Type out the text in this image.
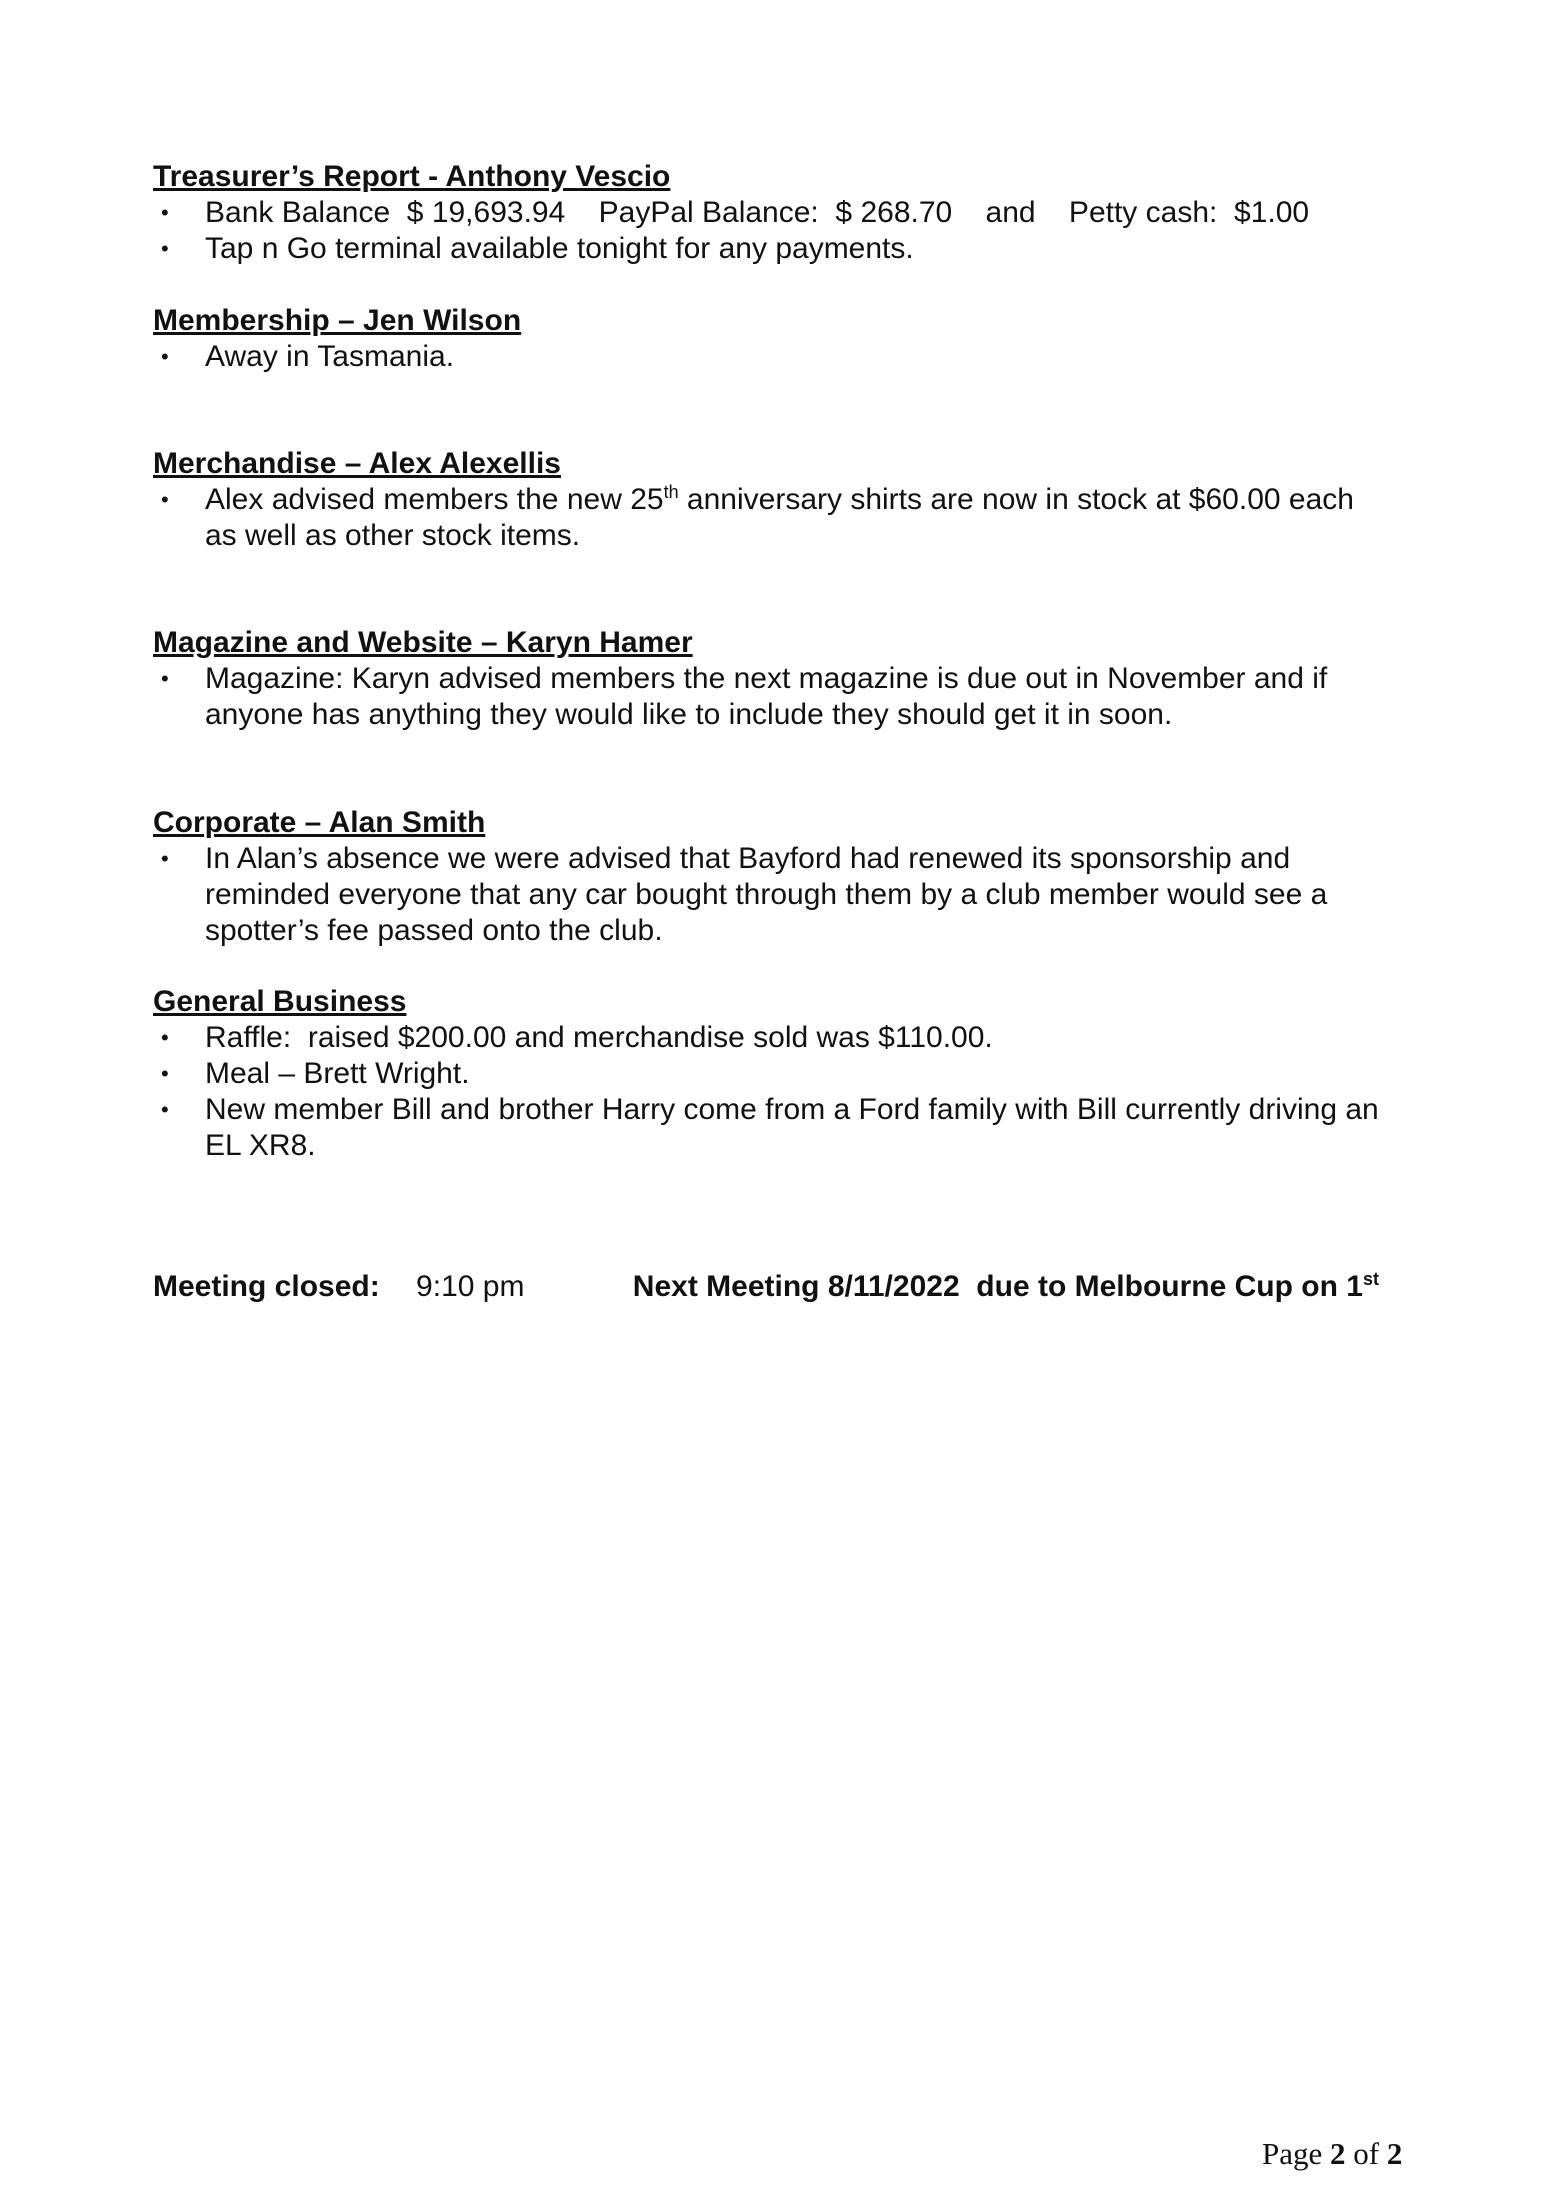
Treasurer’s Report - Anthony Vescio

• Bank Balance  $ 19,693.94    PayPal Balance:  $ 268.70    and    Petty cash:  $1.00
• Tap n Go terminal available tonight for any payments.

Membership – Jen Wilson

• Away in Tasmania.

Merchandise – Alex Alexellis

• Alex advised members the new 25th anniversary shirts are now in stock at $60.00 each as well as other stock items.

Magazine and Website – Karyn Hamer

• Magazine: Karyn advised members the next magazine is due out in November and if anyone has anything they would like to include they should get it in soon.

Corporate – Alan Smith

• In Alan’s absence we were advised that Bayford had renewed its sponsorship and reminded everyone that any car bought through them by a club member would see a spotter’s fee passed onto the club.

General Business

• Raffle:  raised $200.00 and merchandise sold was $110.00.
• Meal – Brett Wright.
• New member Bill and brother Harry come from a Ford family with Bill currently driving an EL XR8.
Meeting closed: 9:10 pm	Next Meeting 8/11/2022  due to Melbourne Cup on 1st
Page 2 of 2
